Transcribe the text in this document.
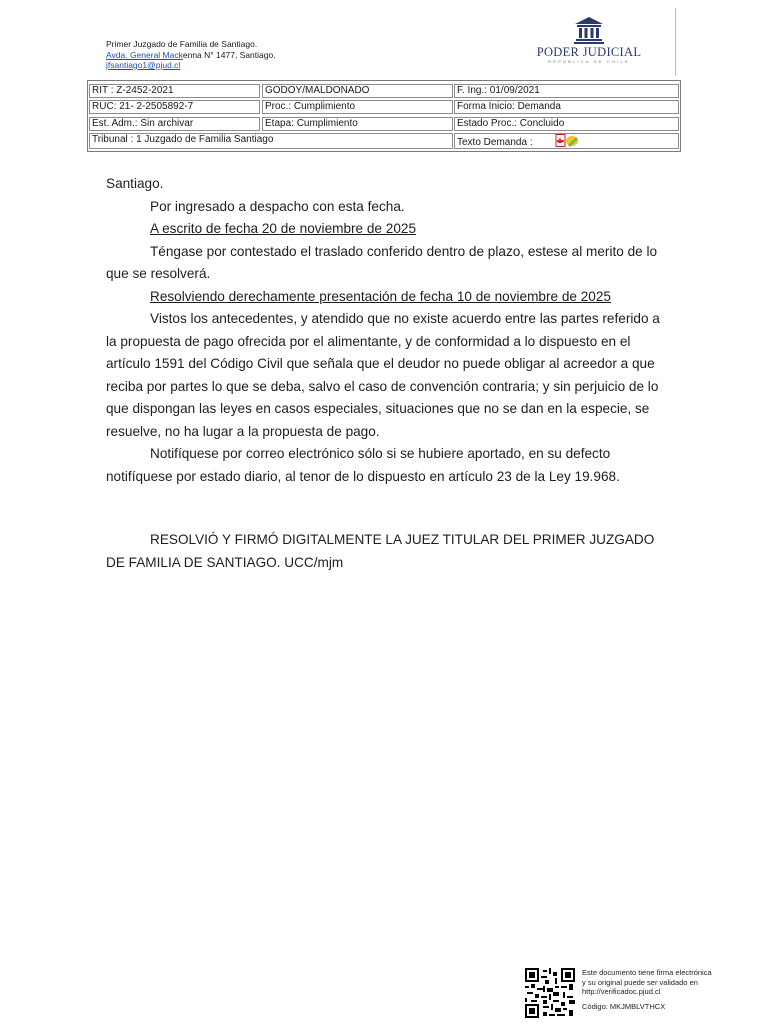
Primer Juzgado de Familia de Santiago.
Avda. General Mackenna N° 1477, Santiago.
jfsantiago1@pjud.cl
PODER JUDICIAL
REPÚBLICA DE CHILE
RIT : Z-2452-2021	GODOY/MALDONADO	F. Ing.: 01/09/2021
RUC: 21- 2-2505892-7	Proc.: Cumplimiento	Forma Inicio: Demanda
Est. Adm.: Sin archivar	Etapa: Cumplimiento	Estado Proc.: Concluido
Tribunal : 1 Juzgado de Familia Santiago	Texto Demanda :

Santiago.

Por ingresado a despacho con esta fecha.

A escrito de fecha 20 de noviembre de 2025

Téngase por contestado el traslado conferido dentro de plazo, estese al merito de lo que se resolverá.

Resolviendo derechamente presentación de fecha 10 de noviembre de 2025

Vistos los antecedentes, y atendido que no existe acuerdo entre las partes referido a la propuesta de pago ofrecida por el alimentante, y de conformidad a lo dispuesto en el artículo 1591 del Código Civil que señala que el deudor no puede obligar al acreedor a que reciba por partes lo que se deba, salvo el caso de convención contraria; y sin perjuicio de lo que dispongan las leyes en casos especiales, situaciones que no se dan en la especie, se resuelve, no ha lugar a la propuesta de pago.

Notifíquese por correo electrónico sólo si se hubiere aportado, en su defecto notifíquese por estado diario, al tenor de lo dispuesto en artículo 23 de la Ley 19.968.

RESOLVIÓ Y FIRMÓ DIGITALMENTE LA JUEZ TITULAR DEL PRIMER JUZGADO DE FAMILIA DE SANTIAGO. UCC/mjm

Este documento tiene firma electrónica
y su original puede ser validado en
http://verificadoc.pjud.cl
Código: MKJMBLVTHCX
